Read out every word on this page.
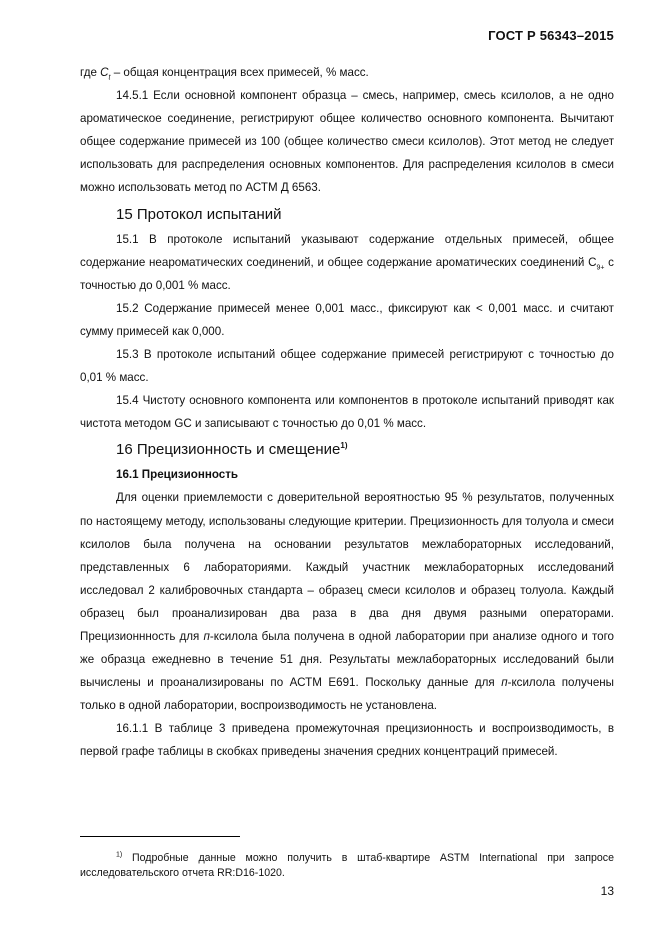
ГОСТ Р 56343–2015

где $C_t$ – общая концентрация всех примесей, % масс.

14.5.1 Если основной компонент образца – смесь, например, смесь ксилолов, а не одно ароматическое соединение, регистрируют общее количество основного компонента. Вычитают общее содержание примесей из 100 (общее количество смеси ксилолов). Этот метод не следует использовать для распределения основных компонентов. Для распределения ксилолов в смеси можно использовать метод по АСТМ Д 6563.

15 Протокол испытаний

15.1 В протоколе испытаний указывают содержание отдельных примесей, общее содержание неароматических соединений, и общее содержание ароматических соединений $С_{9+}$ с точностью до 0,001 % масс.

15.2 Содержание примесей менее 0,001 масс., фиксируют как < 0,001 масс. и считают сумму примесей как 0,000.

15.3 В протоколе испытаний общее содержание примесей регистрируют с точностью до 0,01 % масс.

15.4 Чистоту основного компонента или компонентов в протоколе испытаний приводят как чистота методом GC и записывают с точностью до 0,01 % масс.

16 Прецизионность и смещение$^{1)}$
16.1 Прецизионность

Для оценки приемлемости с доверительной вероятностью 95 % результатов, полученных по настоящему методу, использованы следующие критерии. Прецизионность для толуола и смеси ксилолов была получена на основании результатов межлабораторных исследований, представленных 6 лабораториями. Каждый участник межлабораторных исследований исследовал 2 калибровочных стандарта – образец смеси ксилолов и образец толуола. Каждый образец был проанализирован два раза в два дня двумя разными операторами. Прецизионнность для п-ксилола была получена в одной лаборатории при анализе одного и того же образца ежедневно в течение 51 дня. Результаты межлабораторных исследований были вычислены и проанализированы по АСТМ Е691. Поскольку данные для п-ксилола получены только в одной лаборатории, воспроизводимость не установлена.

16.1.1 В таблице 3 приведена промежуточная прецизионность и воспроизводимость, в первой графе таблицы в скобках приведены значения средних концентраций примесей.

$^{1)}$ Подробные данные можно получить в штаб-квартире ASTM International при запросе исследовательского отчета RR:D16-1020.

13
